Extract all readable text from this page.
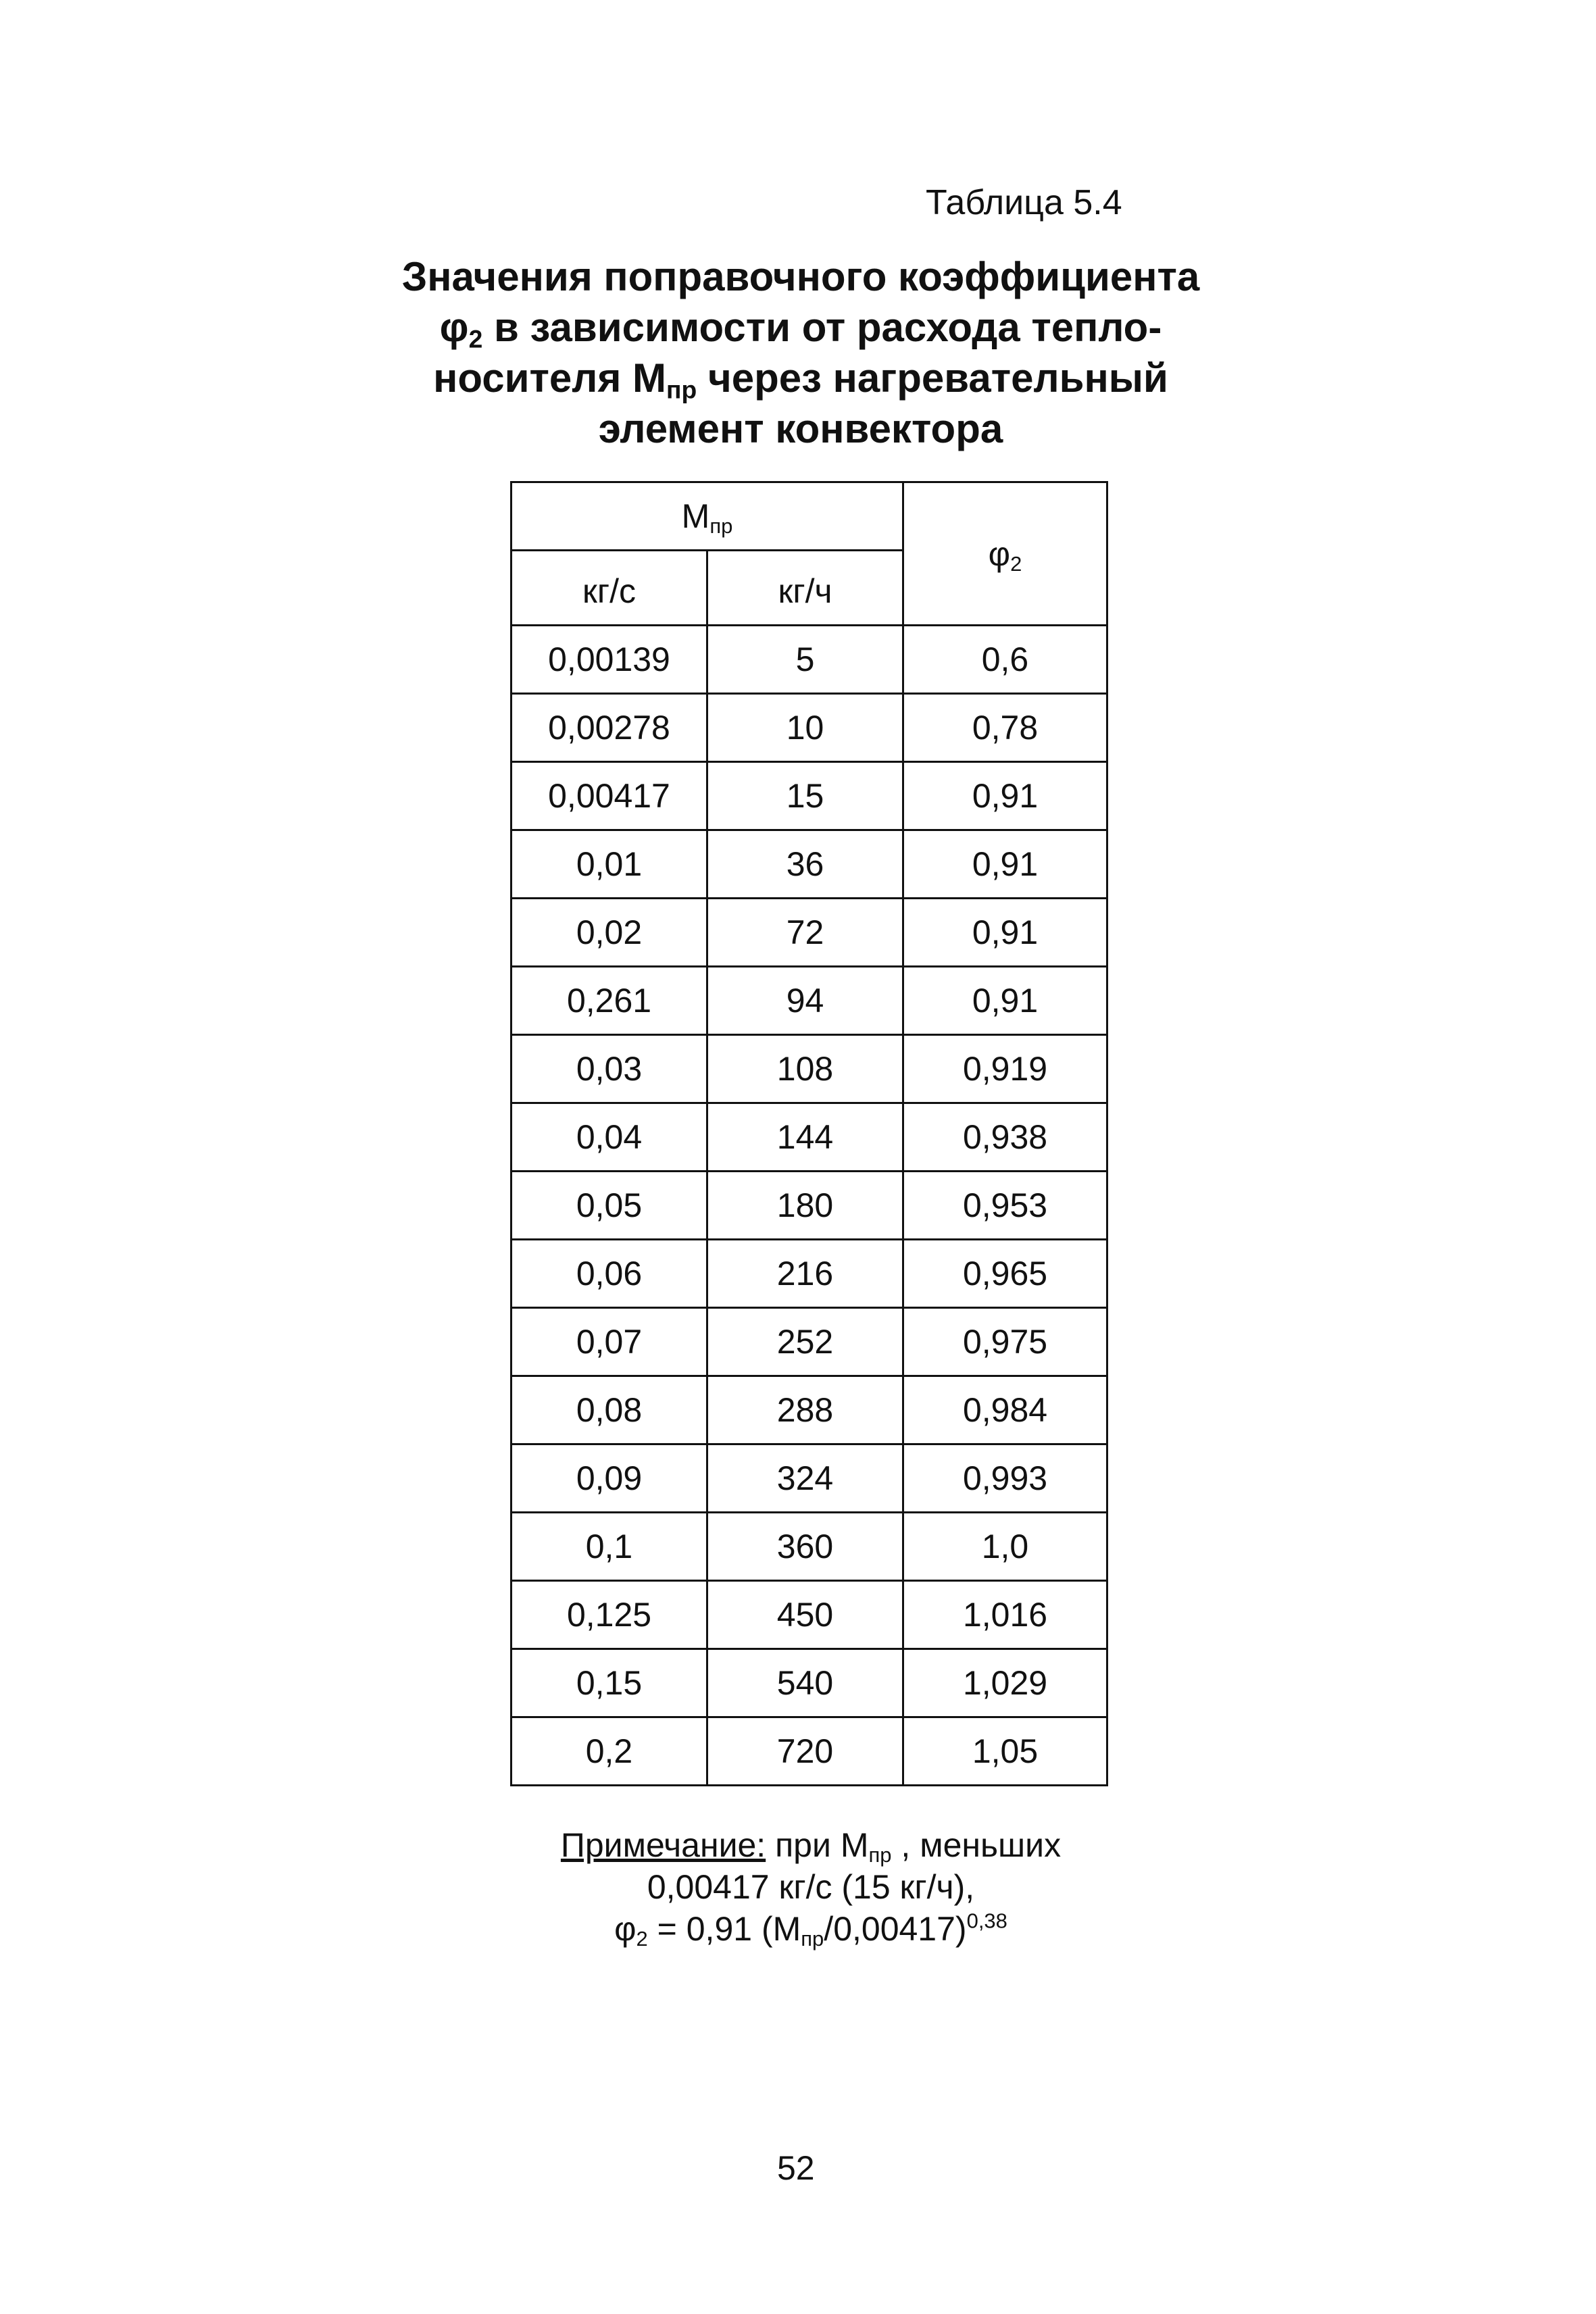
Таблица 5.4
Значения поправочного коэффициента
$\varphi_2$ в зависимости от расхода тепло-
носителя $M_{пр}$ через нагревательный
элемент конвектора
$M_{пр}$		$\varphi_2$
кг/с	кг/ч	
0,00139	5	0,6
0,00278	10	0,78
0,00417	15	0,91
0,01	36	0,91
0,02	72	0,91
0,261	94	0,91
0,03	108	0,919
0,04	144	0,938
0,05	180	0,953
0,06	216	0,965
0,07	252	0,975
0,08	288	0,984
0,09	324	0,993
0,1	360	1,0
0,125	450	1,016
0,15	540	1,029
0,2	720	1,05
Примечание: при $M_{пр}$ , меньших
0,00417 кг/с (15 кг/ч),
$\varphi_2 = 0,91$ $(M_{пр}/0,00417)^{0,38}$
52
